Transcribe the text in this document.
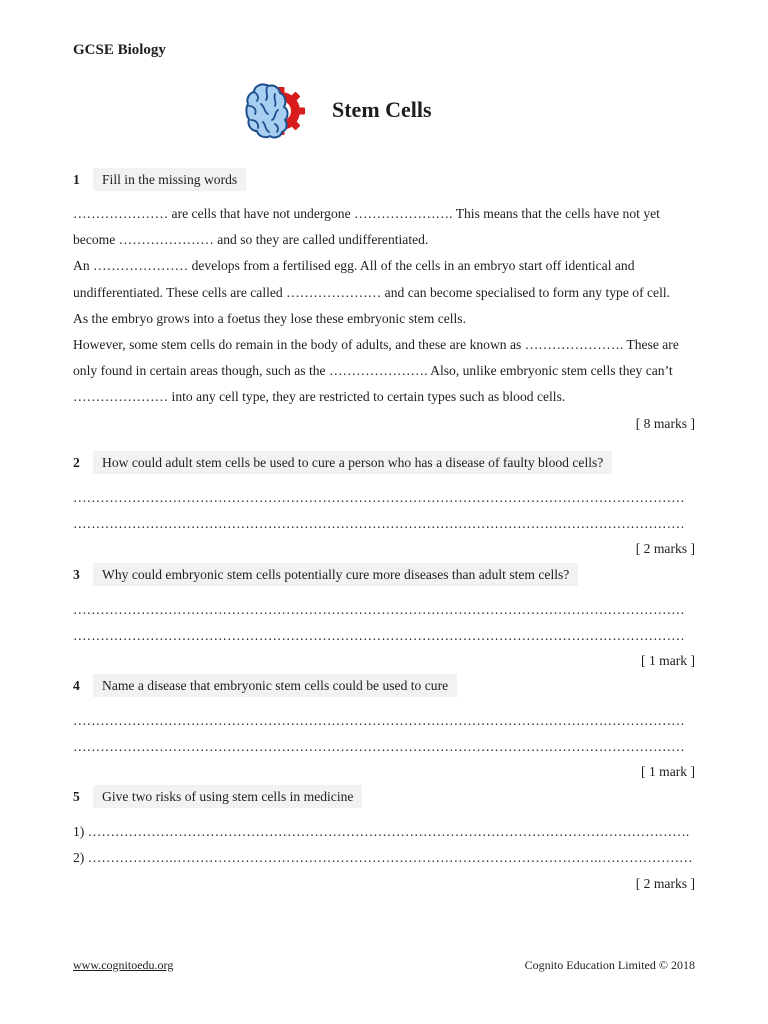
GCSE Biology
Stem Cells
1	Fill in the missing words
………………… are cells that have not undergone …………………. This means that the cells have not yet
become ………………… and so they are called undifferentiated.
An ………………… develops from a fertilised egg. All of the cells in an embryo start off identical and
undifferentiated. These cells are called ………………… and can become specialised to form any type of cell.
As the embryo grows into a foetus they lose these embryonic stem cells.
However, some stem cells do remain in the body of adults, and these are known as …………………. These are
only found in certain areas though, such as the …………………. Also, unlike embryonic stem cells they can’t
………………… into any cell type, they are restricted to certain types such as blood cells.
[ 8 marks ]
2	How could adult stem cells be used to cure a person who has a disease of faulty blood cells?
………………………………………………………………………………………………………………………
………………………………………………………………………………………………………………………
[ 2 marks ]
3	Why could embryonic stem cells potentially cure more diseases than adult stem cells?
………………………………………………………………………………………………………………………
………………………………………………………………………………………………………………………
[ 1 mark ]
4	Name a disease that embryonic stem cells could be used to cure
………………………………………………………………………………………………………………………
………………………………………………………………………………………………………………………
[ 1 mark ]
5	Give two risks of using stem cells in medicine
1) …………………………………………………………………………………………………………………….
2) ……………….………………………………………………………………………………….…………………
[ 2 marks ]
www.cognitoedu.org	Cognito Education Limited © 2018
